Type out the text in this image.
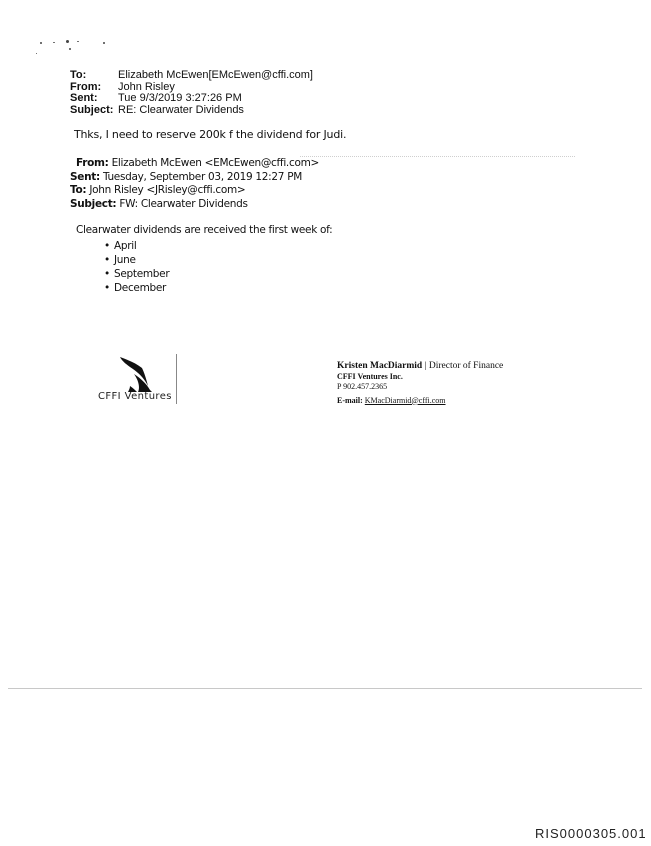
To:	Elizabeth McEwen[EMcEwen@cffi.com]
From:	John Risley
Sent:	Tue 9/3/2019 3:27:26 PM
Subject: RE: Clearwater Dividends
Thks, I need to reserve 200k f the dividend for Judi.
From: Elizabeth McEwen <EMcEwen@cffi.com>
Sent: Tuesday, September 03, 2019 12:27 PM
To: John Risley <JRisley@cffi.com>
Subject: FW: Clearwater Dividends
Clearwater dividends are received the first week of:
• April
• June
• September
• December
CFFI Ventures
Kristen MacDiarmid | Director of Finance
CFFI Ventures Inc.
P 902.457.2365
E-mail: KMacDiarmid@cffi.com
RIS0000305.001
